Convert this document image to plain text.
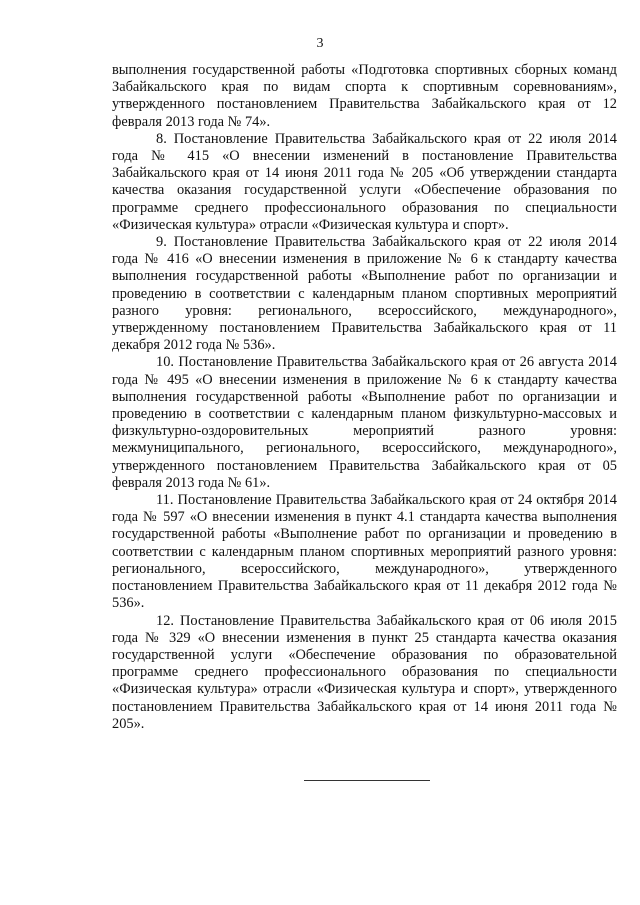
3

выполнения государственной работы «Подготовка спортивных сборных команд Забайкальского края по видам спорта к спортивным соревнованиям», утвержденного постановлением Правительства Забайкальского края от 12 февраля 2013 года № 74».

8. Постановление Правительства Забайкальского края от 22 июля 2014 года № 415 «О внесении изменений в постановление Правительства Забайкальского края от 14 июня 2011 года № 205 «Об утверждении стандарта качества оказания государственной услуги «Обеспечение образования по программе среднего профессионального образования по специальности «Физическая культура» отрасли «Физическая культура и спорт».

9. Постановление Правительства Забайкальского края от 22 июля 2014 года № 416 «О внесении изменения в приложение № 6 к стандарту качества выполнения государственной работы «Выполнение работ по организации и проведению в соответствии с календарным планом спортивных мероприятий разного уровня: регионального, всероссийского, международного», утвержденному постановлением Правительства Забайкальского края от 11 декабря 2012 года № 536».

10. Постановление Правительства Забайкальского края от 26 августа 2014 года № 495 «О внесении изменения в приложение № 6 к стандарту качества выполнения государственной работы «Выполнение работ по организации и проведению в соответствии с календарным планом физкультурно-массовых и физкультурно-оздоровительных мероприятий разного уровня: межмуниципального, регионального, всероссийского, международного», утвержденного постановлением Правительства Забайкальского края от 05 февраля 2013 года № 61».

11. Постановление Правительства Забайкальского края от 24 октября 2014 года № 597 «О внесении изменения в пункт 4.1 стандарта качества выполнения государственной работы «Выполнение работ по организации и проведению в соответствии с календарным планом спортивных мероприятий разного уровня: регионального, всероссийского, международного», утвержденного постановлением Правительства Забайкальского края от 11 декабря 2012 года № 536».

12. Постановление Правительства Забайкальского края от 06 июля 2015 года № 329 «О внесении изменения в пункт 25 стандарта качества оказания государственной услуги «Обеспечение образования по образовательной программе среднего профессионального образования по специальности «Физическая культура» отрасли «Физическая культура и спорт», утвержденного постановлением Правительства Забайкальского края от 14 июня 2011 года № 205».
